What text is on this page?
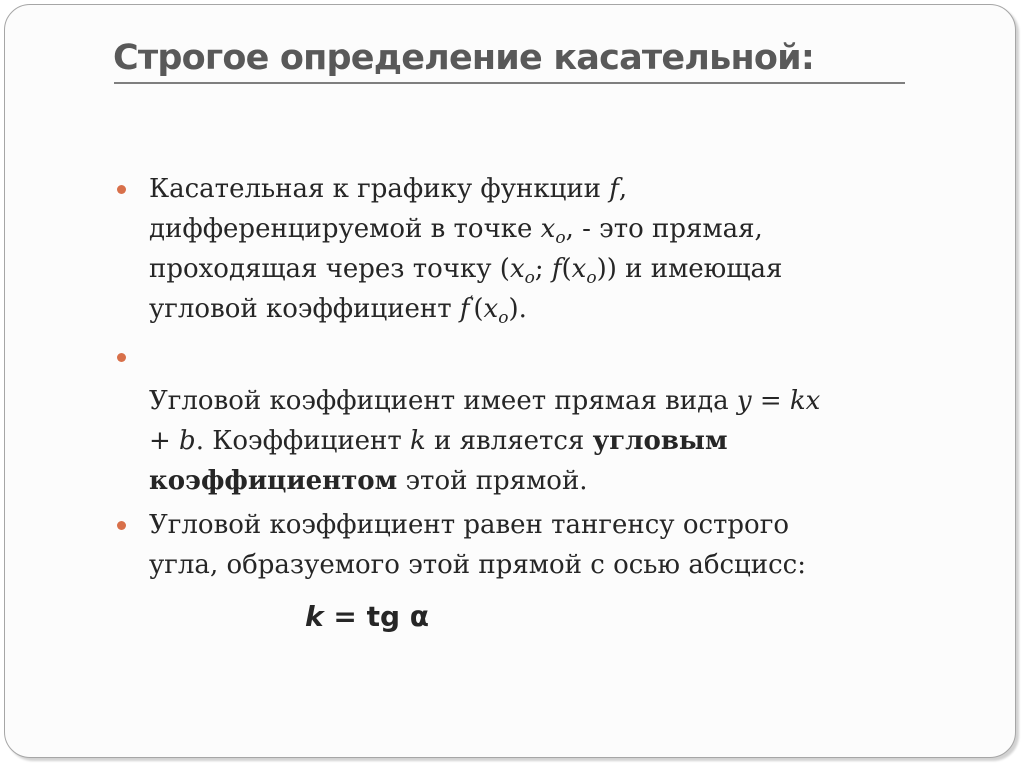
Строгое определение касательной:

Касательная к графику функции f,
дифференцируемой в точке $x_o$, - это прямая,
проходящая через точку ($x_o$; $f(x_o)$) и имеющая
угловой коэффициент $f'(x_o)$.

Угловой коэффициент имеет прямая вида y = kx
+ b. Коэффициент k и является угловым
коэффициентом этой прямой.

Угловой коэффициент равен тангенсу острого
угла, образуемого этой прямой с осью абсцисс:

k = tg α
